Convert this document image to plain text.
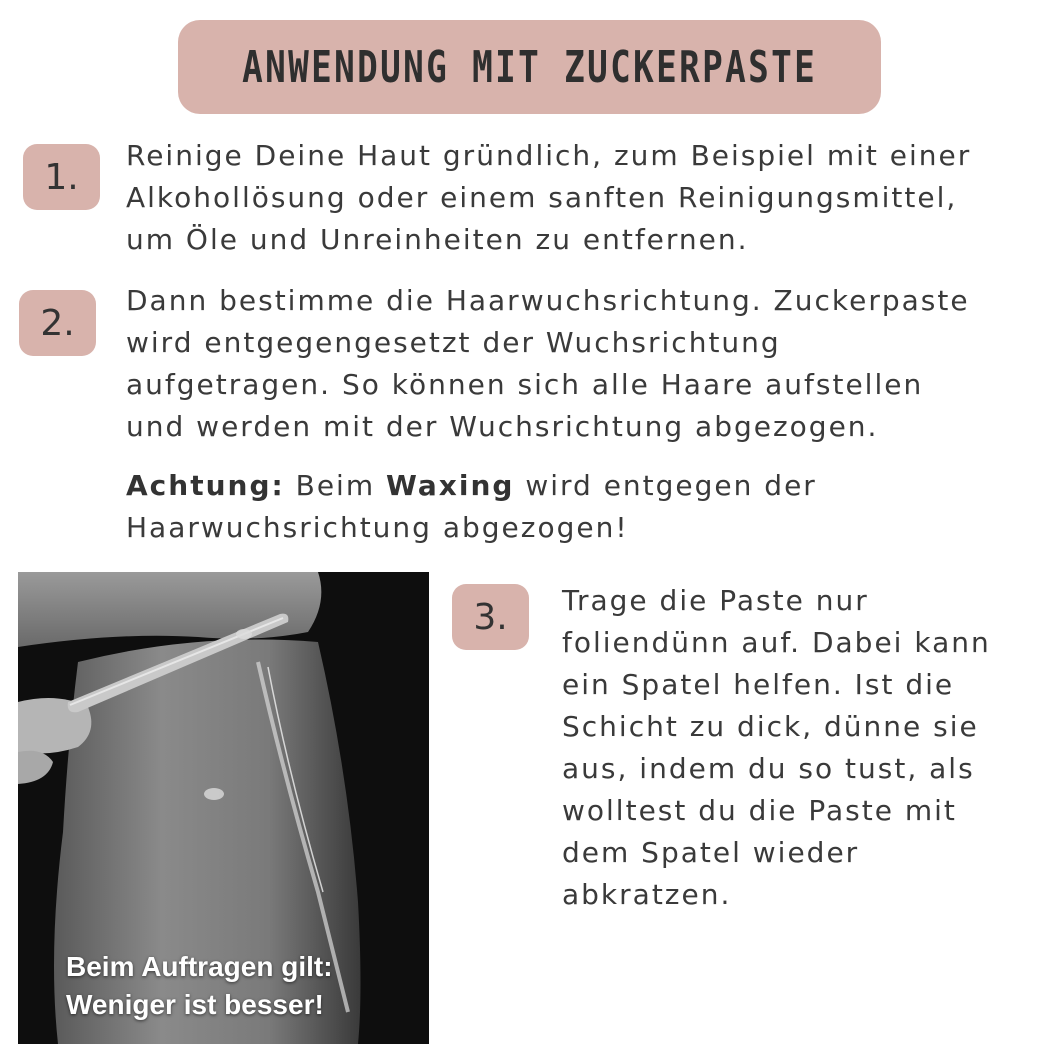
ANWENDUNG MIT ZUCKERPASTE
1.
Reinige Deine Haut gründlich, zum Beispiel mit einer
Alkohollösung oder einem sanften Reinigungsmittel,
um Öle und Unreinheiten zu entfernen.
2.
Dann bestimme die Haarwuchsrichtung. Zuckerpaste
wird entgegengesetzt der Wuchsrichtung
aufgetragen. So können sich alle Haare aufstellen
und werden mit der Wuchsrichtung abgezogen.
Achtung: Beim Waxing wird entgegen der
Haarwuchsrichtung abgezogen!
Beim Auftragen gilt:
Weniger ist besser!
3.	Trage die Paste nur
foliendünn auf. Dabei kann
ein Spatel helfen. Ist die
Schicht zu dick, dünne sie
aus, indem du so tust, als
wolltest du die Paste mit
dem Spatel wieder
abkratzen.
